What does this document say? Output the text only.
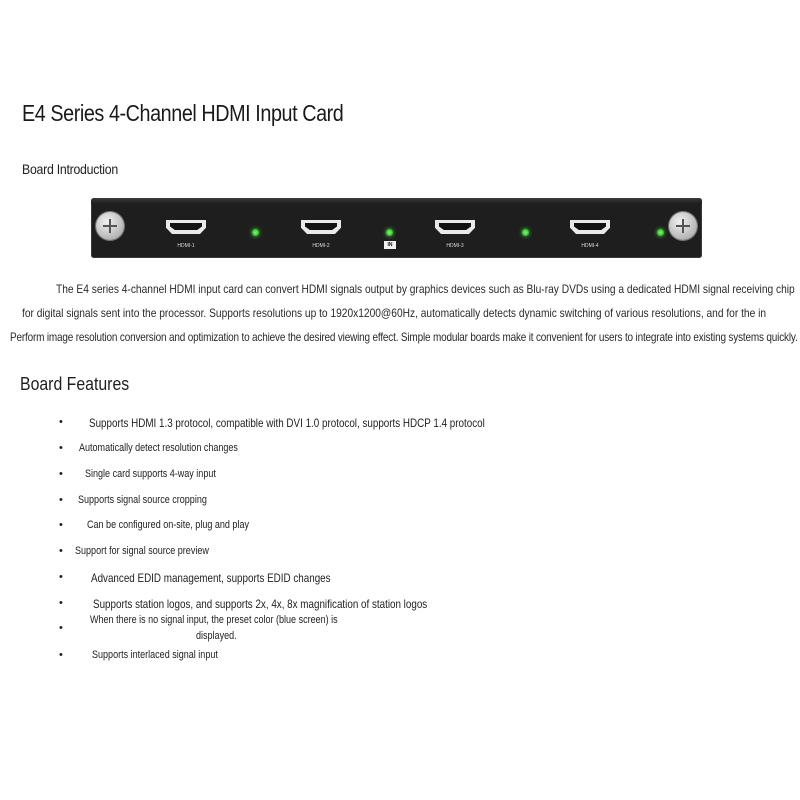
E4 Series 4-Channel HDMI Input Card
Board Introduction
HDMI-1	HDMI-2	IN	HDMI-3	HDMI-4
The E4 series 4-channel HDMI input card can convert HDMI signals output by graphics devices such as Blu-ray DVDs using a dedicated HDMI signal receiving chip
for digital signals sent into the processor. Supports resolutions up to 1920x1200@60Hz, automatically detects dynamic switching of various resolutions, and for the in
Perform image resolution conversion and optimization to achieve the desired viewing effect. Simple modular boards make it convenient for users to integrate into existing systems quickly.
Board Features
• Supports HDMI 1.3 protocol, compatible with DVI 1.0 protocol, supports HDCP 1.4 protocol
• Automatically detect resolution changes
• Single card supports 4-way input
• Supports signal source cropping
• Can be configured on-site, plug and play
• Support for signal source preview
• Advanced EDID management, supports EDID changes
•	Supports station logos, and supports 2x, 4x, 8x magnification of station logos
•
When there is no signal input, the preset color (blue screen) is
displayed.
•	Supports interlaced signal input
